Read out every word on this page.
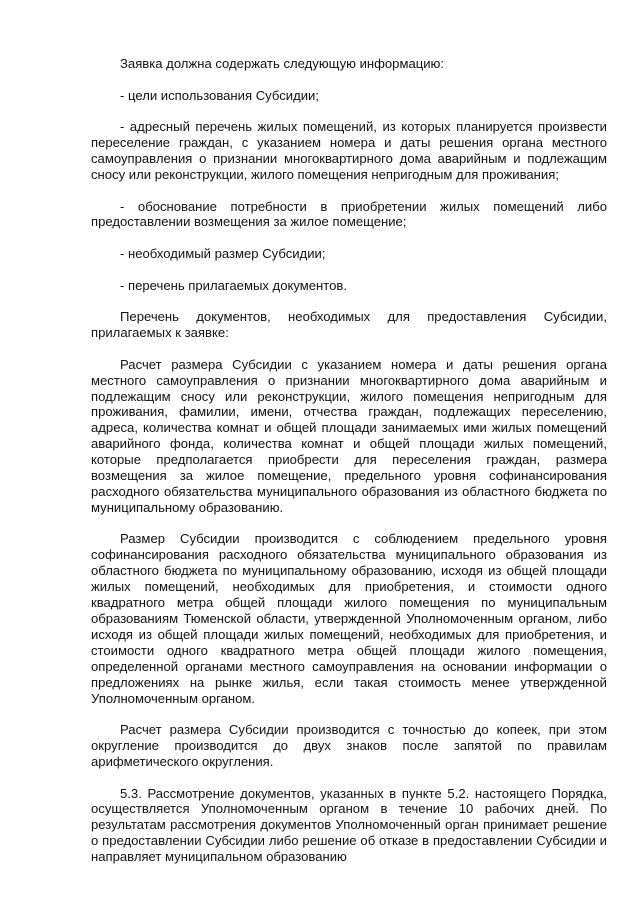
Заявка должна содержать следующую информацию:

- цели использования Субсидии;

- адресный перечень жилых помещений, из которых планируется произвести переселение граждан, с указанием номера и даты решения органа местного самоуправления о признании многоквартирного дома аварийным и подлежащим сносу или реконструкции, жилого помещения непригодным для проживания;

- обоснование потребности в приобретении жилых помещений либо предоставлении возмещения за жилое помещение;

- необходимый размер Субсидии;

- перечень прилагаемых документов.

Перечень документов, необходимых для предоставления Субсидии, прилагаемых к заявке:

Расчет размера Субсидии с указанием номера и даты решения органа местного самоуправления о признании многоквартирного дома аварийным и подлежащим сносу или реконструкции, жилого помещения непригодным для проживания, фамилии, имени, отчества граждан, подлежащих переселению, адреса, количества комнат и общей площади занимаемых ими жилых помещений аварийного фонда, количества комнат и общей площади жилых помещений, которые предполагается приобрести для переселения граждан, размера возмещения за жилое помещение, предельного уровня софинансирования расходного обязательства муниципального образования из областного бюджета по муниципальному образованию.

Размер Субсидии производится с соблюдением предельного уровня софинансирования расходного обязательства муниципального образования из областного бюджета по муниципальному образованию, исходя из общей площади жилых помещений, необходимых для приобретения, и стоимости одного квадратного метра общей площади жилого помещения по муниципальным образованиям Тюменской области, утвержденной Уполномоченным органом, либо исходя из общей площади жилых помещений, необходимых для приобретения, и стоимости одного квадратного метра общей площади жилого помещения, определенной органами местного самоуправления на основании информации о предложениях на рынке жилья, если такая стоимость менее утвержденной Уполномоченным органом.

Расчет размера Субсидии производится с точностью до копеек, при этом округление производится до двух знаков после запятой по правилам арифметического округления.

5.3. Рассмотрение документов, указанных в пункте 5.2. настоящего Порядка, осуществляется Уполномоченным органом в течение 10 рабочих дней. По результатам рассмотрения документов Уполномоченный орган принимает решение о предоставлении Субсидии либо решение об отказе в предоставлении Субсидии и направляет муниципальном образованию
